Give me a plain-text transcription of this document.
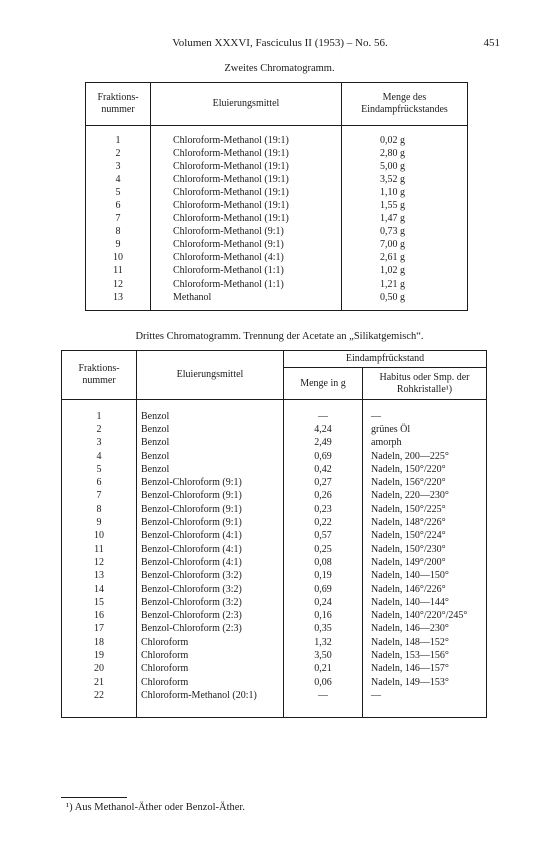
Volumen XXXVI, Fasciculus II (1953) – No. 56.	451
Zweites Chromatogramm.
Fraktions-
nummer	Eluierungsmittel	Menge des
Eindampfrückstandes
1	Chloroform-Methanol (19:1)	0,02 g
2	Chloroform-Methanol (19:1)	2,80 g
3	Chloroform-Methanol (19:1)	5,00 g
4	Chloroform-Methanol (19:1)	3,52 g
5	Chloroform-Methanol (19:1)	1,10 g
6	Chloroform-Methanol (19:1)	1,55 g
7	Chloroform-Methanol (19:1)	1,47 g
8	Chloroform-Methanol (9:1)	0,73 g
9	Chloroform-Methanol (9:1)	7,00 g
10	Chloroform-Methanol (4:1)	2,61 g
11	Chloroform-Methanol (1:1)	1,02 g
12	Chloroform-Methanol (1:1)	1,21 g
13	Methanol	0,50 g
Drittes Chromatogramm. Trennung der Acetate an „Silikatgemisch“.
Fraktions-
nummer	Eluierungsmittel	Eindampfrückstand	
		Menge in g	Habitus oder Smp. der
Rohkristalle¹)
1	Benzol	—	—
2	Benzol	4,24	grünes Öl
3	Benzol	2,49	amorph
4	Benzol	0,69	Nadeln, 200—225°
5	Benzol	0,42	Nadeln, 150°/220°
6	Benzol-Chloroform (9:1)	0,27	Nadeln, 156°/220°
7	Benzol-Chloroform (9:1)	0,26	Nadeln, 220—230°
8	Benzol-Chloroform (9:1)	0,23	Nadeln, 150°/225°
9	Benzol-Chloroform (9:1)	0,22	Nadeln, 148°/226°
10	Benzol-Chloroform (4:1)	0,57	Nadeln, 150°/224°
11	Benzol-Chloroform (4:1)	0,25	Nadeln, 150°/230°
12	Benzol-Chloroform (4:1)	0,08	Nadeln, 149°/200°
13	Benzol-Chloroform (3:2)	0,19	Nadeln, 140—150°
14	Benzol-Chloroform (3:2)	0,69	Nadeln, 146°/226°
15	Benzol-Chloroform (3:2)	0,24	Nadeln, 140—144°
16	Benzol-Chloroform (2:3)	0,16	Nadeln, 140°/220°/245°
17	Benzol-Chloroform (2:3)	0,35	Nadeln, 146—230°
18	Chloroform	1,32	Nadeln, 148—152°
19	Chloroform	3,50	Nadeln, 153—156°
20	Chloroform	0,21	Nadeln, 146—157°
21	Chloroform	0,06	Nadeln, 149—153°
22	Chloroform-Methanol (20:1)	—	—
¹) Aus Methanol-Äther oder Benzol-Äther.
